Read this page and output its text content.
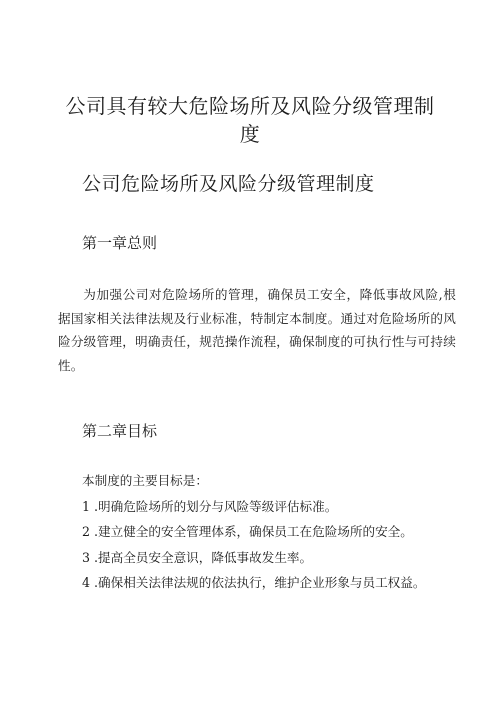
公司具有较大危险场所及风险分级管理制度
公司危险场所及风险分级管理制度
第一章总则

为加强公司对危险场所的管理，确保员工安全，降低事故风险,根据国家相关法律法规及行业标准，特制定本制度。通过对危险场所的风险分级管理，明确责任，规范操作流程，确保制度的可执行性与可持续性。

第二章目标

本制度的主要目标是：

1 .明确危险场所的划分与风险等级评估标准。
2 .建立健全的安全管理体系，确保员工在危险场所的安全。
3 .提高全员安全意识，降低事故发生率。
4 .确保相关法律法规的依法执行，维护企业形象与员工权益。
